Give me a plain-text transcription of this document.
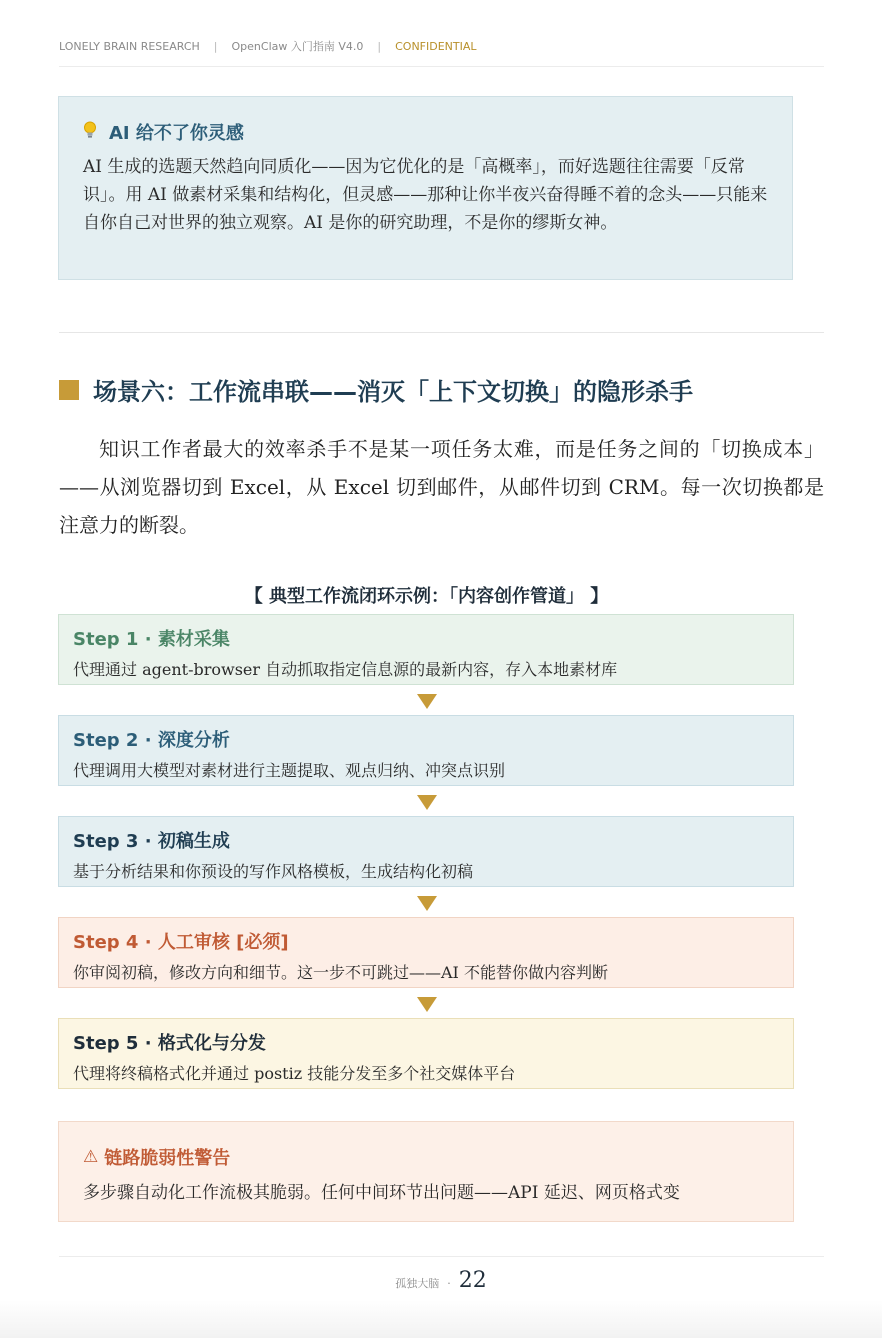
LONELY BRAIN RESEARCH | OpenClaw 入门指南 V4.0 | CONFIDENTIAL
AI 给不了你灵感
AI 生成的选题天然趋向同质化——因为它优化的是「高概率」，而好选题往往需要「反常识」。用 AI 做素材采集和结构化，但灵感——那种让你半夜兴奋得睡不着的念头——只能来自你自己对世界的独立观察。AI 是你的研究助理，不是你的缪斯女神。
场景六：工作流串联——消灭「上下文切换」的隐形杀手
知识工作者最大的效率杀手不是某一项任务太难，而是任务之间的「切换成本」——从浏览器切到 Excel，从 Excel 切到邮件，从邮件切到 CRM。每一次切换都是注意力的断裂。
【 典型工作流闭环示例：「内容创作管道」 】
Step 1 · 素材采集
代理通过 agent-browser 自动抓取指定信息源的最新内容，存入本地素材库
Step 2 · 深度分析
代理调用大模型对素材进行主题提取、观点归纳、冲突点识别
Step 3 · 初稿生成
基于分析结果和你预设的写作风格模板，生成结构化初稿
Step 4 · 人工审核 [必须]
你审阅初稿，修改方向和细节。这一步不可跳过——AI 不能替你做内容判断
Step 5 · 格式化与分发
代理将终稿格式化并通过 postiz 技能分发至多个社交媒体平台
⚠ 链路脆弱性警告
多步骤自动化工作流极其脆弱。任何中间环节出问题——API 延迟、网页格式变
孤独大脑 · 22
